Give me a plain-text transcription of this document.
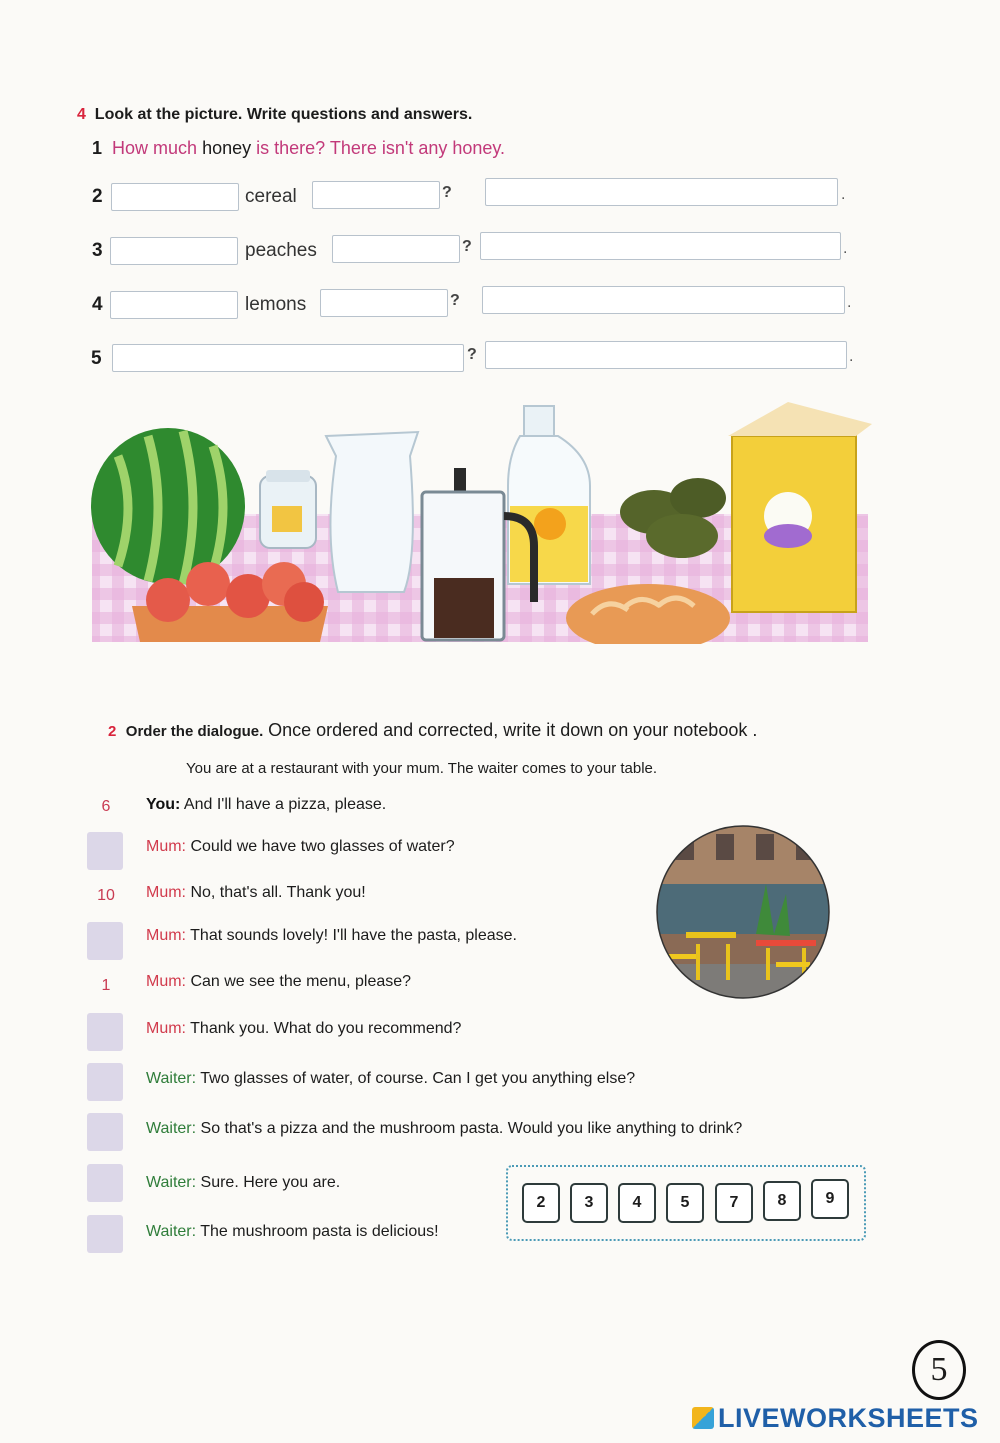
4 Look at the picture. Write questions and answers.
1 How much honey is there? There isn't any honey.
2	cereal	?	.
3	peaches	?	.
4	lemons	?	.
5	?	.
2 Order the dialogue. Once ordered and corrected, write it down on your notebook .
You are at a restaurant with your mum. The waiter comes to your table.
6	You: And I'll have a pizza, please.
Mum: Could we have two glasses of water?
10	Mum: No, that's all. Thank you!
Mum: That sounds lovely! I'll have the pasta, please.
1	Mum: Can we see the menu, please?
Mum: Thank you. What do you recommend?
Waiter: Two glasses of water, of course. Can I get you anything else?
Waiter: So that's a pizza and the mushroom pasta. Would you like anything to drink?
Waiter: Sure. Here you are.
Waiter: The mushroom pasta is delicious!
2	3	4	5	7	8	9
5
LIVEWORKSHEETS
